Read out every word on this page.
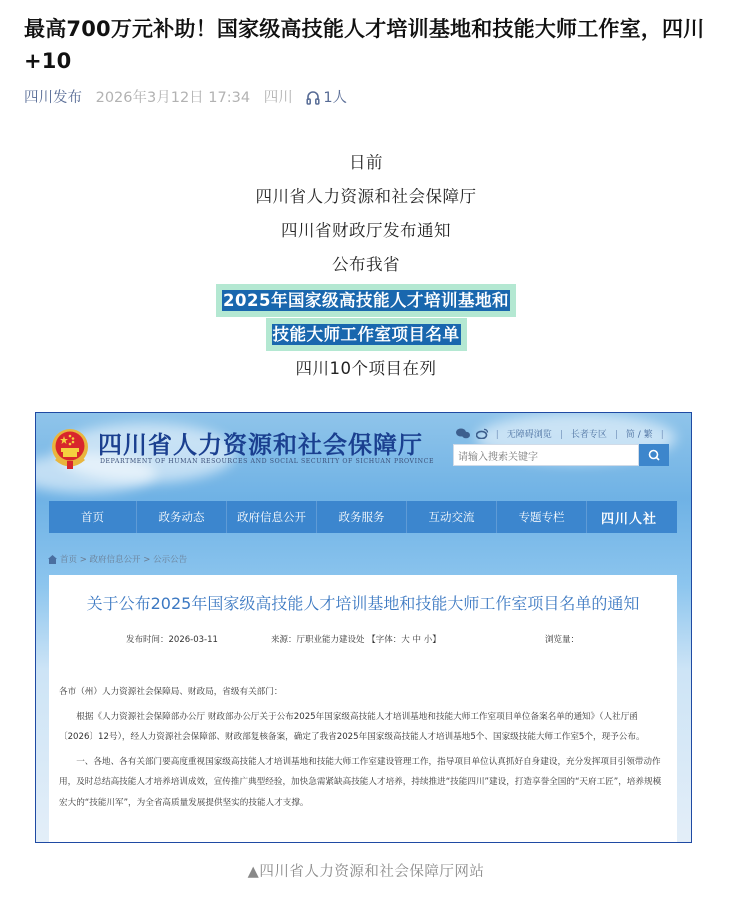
最高700万元补助！国家级高技能人才培训基地和技能大师工作室，四川+10
四川发布 2026年3月12日 17:34 四川 1人
日前
四川省人力资源和社会保障厅
四川省财政厅发布通知
公布我省
2025年国家级高技能人才培训基地和
技能大师工作室项目名单
四川10个项目在列
四川省人力资源和社会保障厅
DEPARTMENT OF HUMAN RESOURCES AND SOCIAL SECURITY OF SICHUAN PROVINCE
| 无障碍浏览 | 长者专区 | 简 / 繁 |
请输入搜索关键字
首页	政务动态	政府信息公开	政务服务	互动交流	专题专栏	四川人社
首页 > 政府信息公开 > 公示公告
关于公布2025年国家级高技能人才培训基地和技能大师工作室项目名单的通知
发布时间：2026-03-11	来源：厅职业能力建设处 【字体：大 中 小】	浏览量：

各市（州）人力资源社会保障局、财政局，省级有关部门：

根据《人力资源社会保障部办公厅 财政部办公厅关于公布2025年国家级高技能人才培训基地和技能大师工作室项目单位备案名单的通知》（人社厅函〔2026〕12号），经人力资源社会保障部、财政部复核备案，确定了我省2025年国家级高技能人才培训基地5个、国家级技能大师工作室5个，现予公布。

一、各地、各有关部门要高度重视国家级高技能人才培训基地和技能大师工作室建设管理工作，指导项目单位认真抓好自身建设，充分发挥项目引领带动作用，及时总结高技能人才培养培训成效，宣传推广典型经验，加快急需紧缺高技能人才培养，持续推进“技能四川”建设，打造享誉全国的“天府工匠”，培养规模宏大的“技能川军”，为全省高质量发展提供坚实的技能人才支撑。

▲四川省人力资源和社会保障厅网站
